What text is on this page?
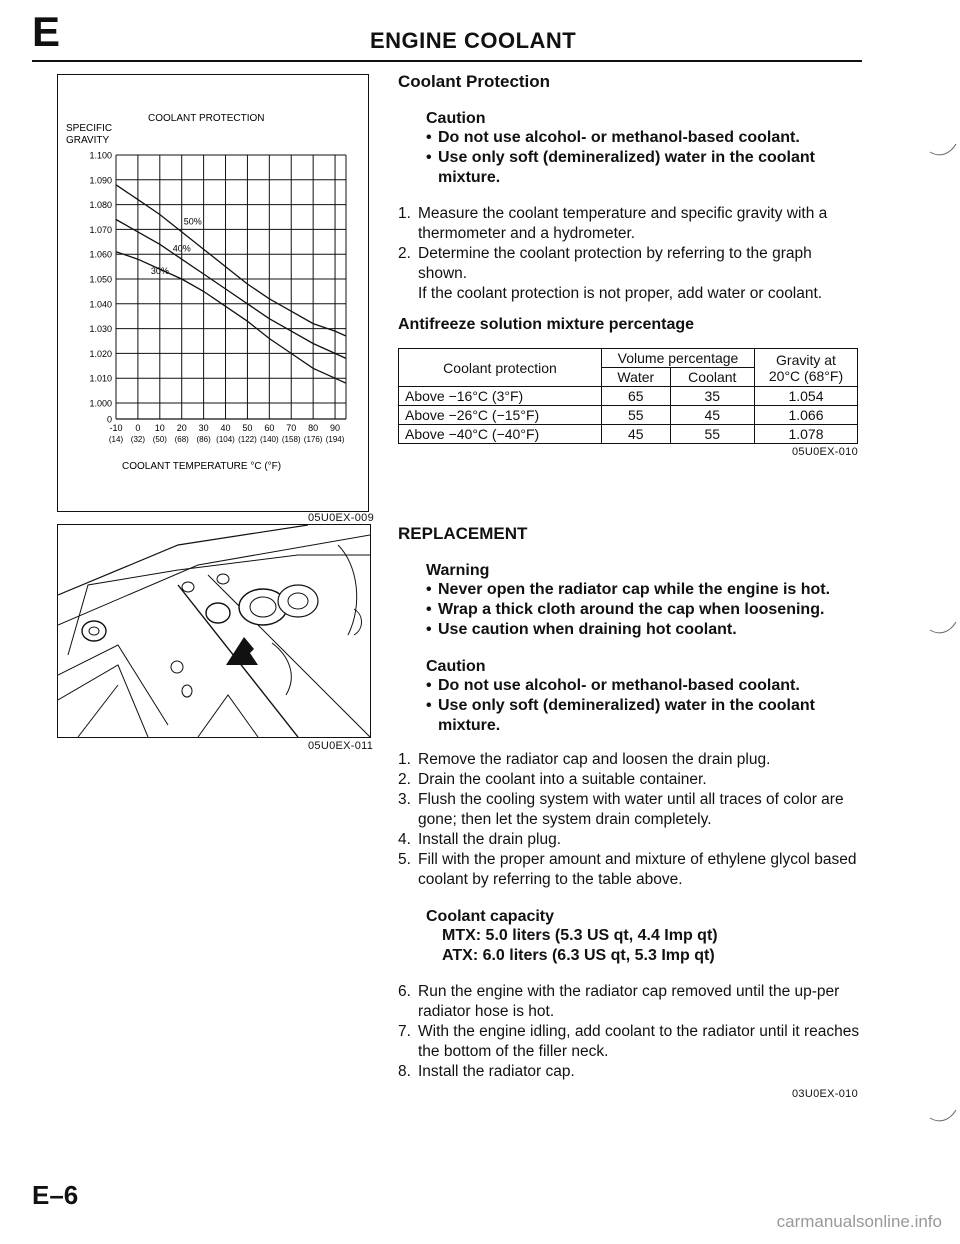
E	ENGINE COOLANT
COOLANT PROTECTION
SPECIFIC
GRAVITY
COOLANT TEMPERATURE °C (°F)
50%
40%
30%
1.100
1.090
1.080
1.070
1.060
1.050
1.040
1.030
1.020
1.010
1.000
0
-10
(14)
0
(32)
10
(50)
20
(68)
30
(86)
40
(104)
50
(122)
60
(140)
70
(158)
80
(176)
90
(194)
05U0EX-009
05U0EX-011

Coolant Protection

Caution

• Do not use alcohol- or methanol-based coolant.
• Use only soft (demineralized) water in the coolant mixture.
1. Measure the coolant temperature and specific gravity with a thermometer and a hydrometer.
2. Determine the coolant protection by referring to the graph shown.
If the coolant protection is not proper, add water or coolant.

Antifreeze solution mixture percentage

Coolant protection	Volume percentage		Gravity at 20°C (68°F)
	Water	Coolant	
Above −16°C (3°F)	65	35	1.054
Above −26°C (−15°F)	55	45	1.066
Above −40°C (−40°F)	45	55	1.078
05U0EX-010

REPLACEMENT

Warning

• Never open the radiator cap while the engine is hot.
• Wrap a thick cloth around the cap when loosening.
• Use caution when draining hot coolant.

Caution

• Do not use alcohol- or methanol-based coolant.
• Use only soft (demineralized) water in the coolant mixture.
1. Remove the radiator cap and loosen the drain plug.
2. Drain the coolant into a suitable container.
3. Flush the cooling system with water until all traces of color are gone; then let the system drain completely.
4. Install the drain plug.
5. Fill with the proper amount and mixture of ethylene glycol based coolant by referring to the table above.

Coolant capacity

MTX: 5.0 liters (5.3 US qt, 4.4 Imp qt)
ATX: 6.0 liters (6.3 US qt, 5.3 Imp qt)
6. Run the engine with the radiator cap removed until the up-per radiator hose is hot.
7. With the engine idling, add coolant to the radiator until it reaches the bottom of the filler neck.
8. Install the radiator cap.
03U0EX-010
E–6
carmanualsonline.info
